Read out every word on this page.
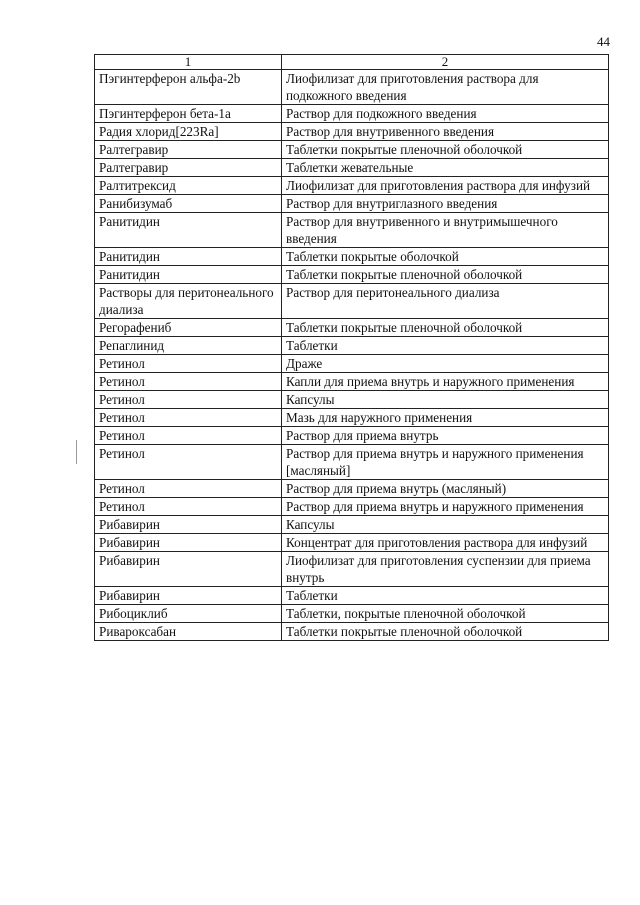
44
1	2
Пэгинтерферон альфа-2b	Лиофилизат для приготовления раствора для подкожного введения
Пэгинтерферон бета-1а	Раствор для подкожного введения
Радия хлорид[223Ra]	Раствор для внутривенного введения
Ралтегравир	Таблетки покрытые пленочной оболочкой
Ралтегравир	Таблетки жевательные
Ралтитрексид	Лиофилизат для приготовления раствора для инфузий
Ранибизумаб	Раствор для внутриглазного введения
Ранитидин	Раствор для внутривенного и внутримышечного введения
Ранитидин	Таблетки покрытые оболочкой
Ранитидин	Таблетки покрытые пленочной оболочкой
Растворы для перитонеального диализа	Раствор для перитонеального диализа
Регорафениб	Таблетки покрытые пленочной оболочкой
Репаглинид	Таблетки
Ретинол	Драже
Ретинол	Капли для приема внутрь и наружного применения
Ретинол	Капсулы
Ретинол	Мазь для наружного применения
Ретинол	Раствор для приема внутрь
Ретинол	Раствор для приема внутрь и наружного применения [масляный]
Ретинол	Раствор для приема внутрь (масляный)
Ретинол	Раствор для приема внутрь и наружного применения
Рибавирин	Капсулы
Рибавирин	Концентрат для приготовления раствора для инфузий
Рибавирин	Лиофилизат для приготовления суспензии для приема внутрь
Рибавирин	Таблетки
Рибоциклиб	Таблетки, покрытые пленочной оболочкой
Ривароксабан	Таблетки покрытые пленочной оболочкой
